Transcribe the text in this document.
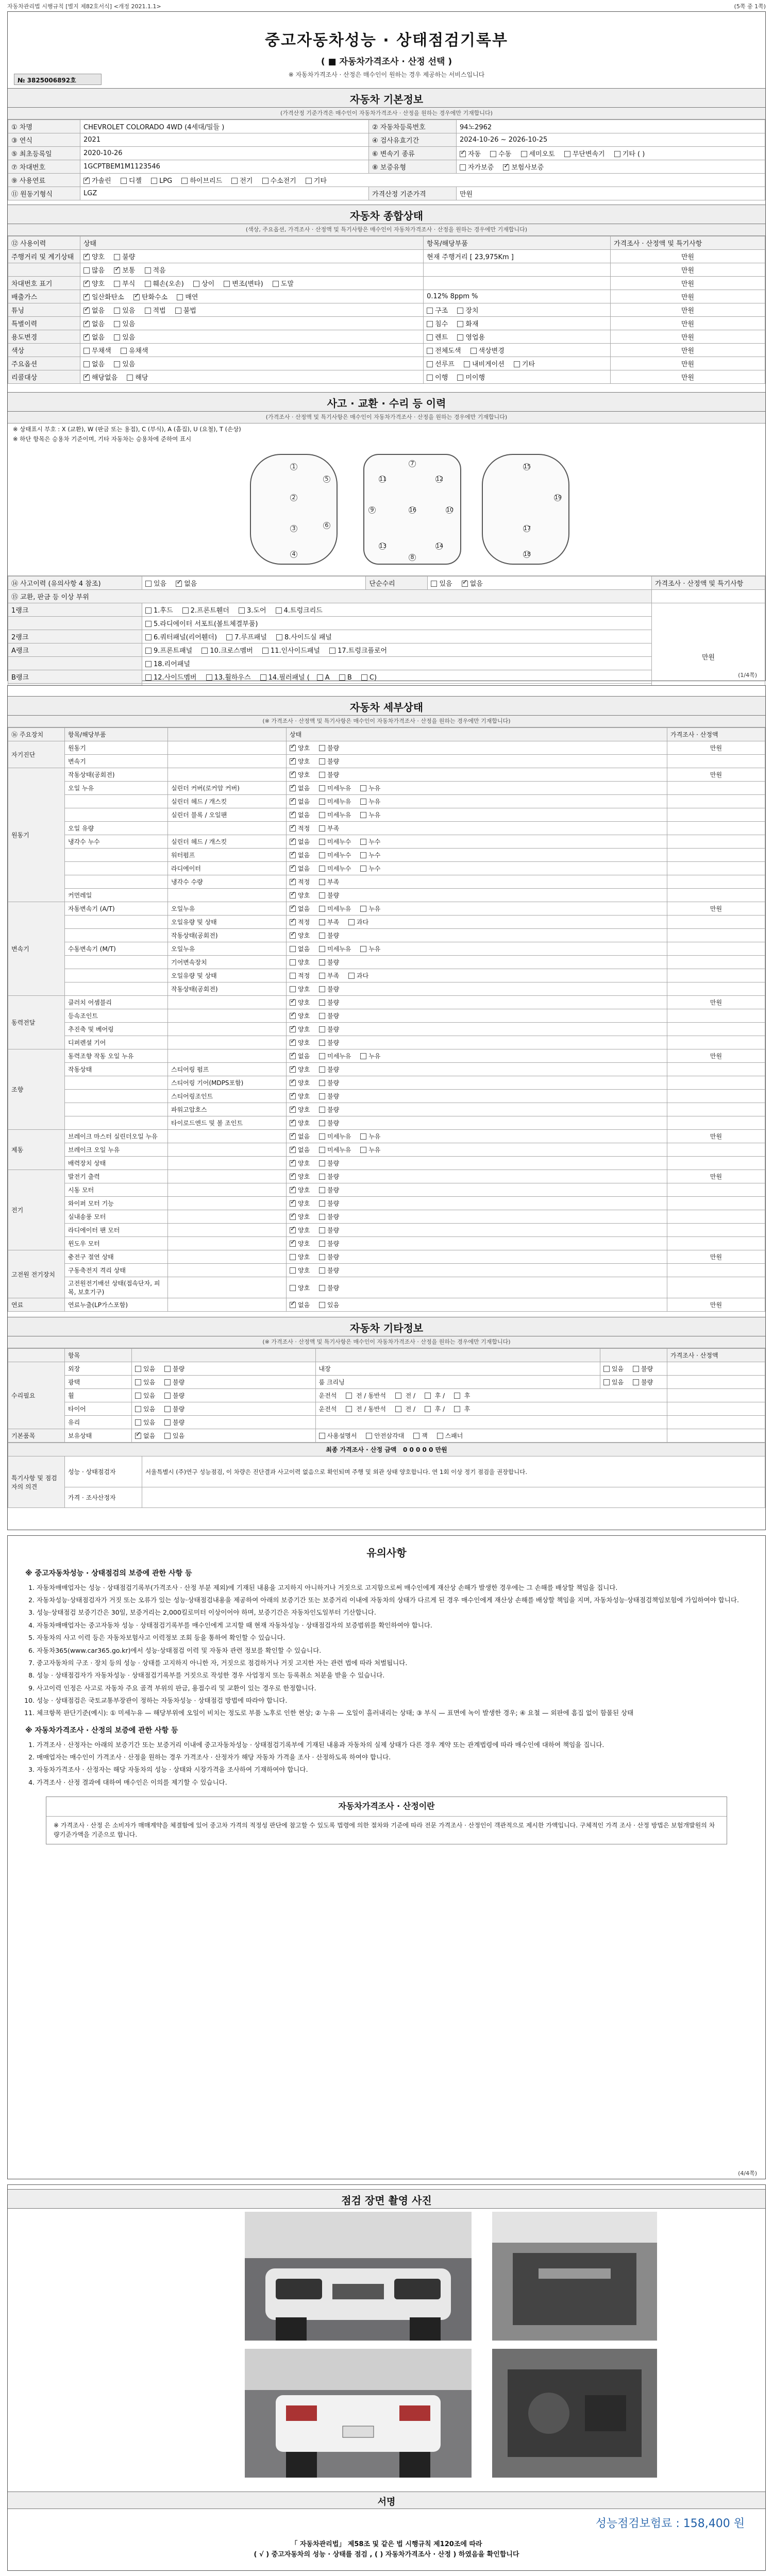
자동차관리법 시행규칙 [별지 제82호서식] <개정 2021.1.1>	(5쪽 중 1쪽)
중고자동차성능 · 상태점검기록부
( ■ 자동차가격조사 · 산정 선택 )
※ 자동차가격조사 · 산정은 매수인이 원하는 경우 제공하는 서비스입니다
№ 3825006892호
자동차 기본정보
(가격산정 기준가격은 매수인이 자동차가격조사 · 산정을 원하는 경우에만 기재합니다)
① 차명	CHEVROLET COLORADO 4WD (4세대/밀들 )	② 자동차등록번호	94노2962
③ 연식	2021	④ 검사유효기간	2024-10-26 ~ 2026-10-25
⑤ 최초등록일	2020-10-26	⑥ 변속기 종류	✓자동 수동 세미오토 무단변속기 기타 ( )
⑦ 차대번호	1GCPTBEM1M1123546	⑧ 보증유형	자가보증 ✓보험사보증
⑨ 사용연료	✓가솔린 디젤 LPG 하이브리드 전기 수소전기 기타
⑪ 원동기형식	LGZ	가격산정 기준가격	만원
자동차 종합상태
(색상, 주요옵션, 가격조사 · 산정액 및 특기사항은 매수인이 자동차가격조사 · 산정을 원하는 경우에만 기재합니다)
⑫ 사용이력	상태	항목/해당부품	가격조사 · 산정액 및 특기사항
주행거리 및 계기상태	✓양호 불량	현재 주행거리 [ 23,975Km ]	만원
	많음 ✓보통 적음		만원
차대번호 표기	✓양호 부식 훼손(오손) 상이 변조(변타) 도말		만원
배출가스	✓일산화탄소 ✓탄화수소 매연	0.12% 8ppm %	만원
튜닝	✓없음 있음 적법 불법	구조 장치	만원
특별이력	✓없음 있음	침수 화재	만원
용도변경	✓없음 있음	렌트 영업용	만원
색상	무채색 유채색	전체도색 색상변경	만원
주요옵션	없음 있음	선루프 내비게이션 기타	만원
리콜대상	✓해당없음 해당	이행 미이행	만원
사고 · 교환 · 수리 등 이력
(가격조사 · 산정액 및 특기사항은 매수인이 자동차가격조사 · 산정을 원하는 경우에만 기재합니다)
※ 상태표시 부호 : X (교환), W (판금 또는 용접), C (부식), A (흠집), U (요철), T (손상)
※ 하단 항목은 승용차 기준이며, 기타 자동차는 승용차에 준하여 표시
1
2
3
4
5
6
7
8
9	10
11	12
13	14
15
16
17
18
19
⑭ 사고이력 (유의사항 4 참조)	있음 ✓없음	단순수리	있음 ✓없음	가격조사 · 산정액 및 특기사항
⑮ 교환, 판금 등 이상 부위				
1랭크	1.후드 2.프론트휀더 3.도어 4.트렁크리드			만원
	5.라디에이터 서포트(볼트체결부품)			
2랭크	6.쿼터패널(리어휀더) 7.루프패널 8.사이드실 패널			
A랭크	9.프론트패널 10.크로스멤버 11.인사이드패널 17.트렁크플로어			
	18.리어패널			
B랭크	12.사이드멤버 13.휠하우스 14.필러패널 ( A B C)			

		(1/4쪽)
자동차 세부상태
(※ 가격조사 · 산정액 및 특기사항은 매수인이 자동차가격조사 · 산정을 원하는 경우에만 기재합니다)
⑯ 주요장치	항목/해당부품		상태	가격조사 · 산정액
자기진단	원동기		✓양호 불량	만원
	변속기		✓양호 불량	
원동기	작동상태(공회전)		✓양호 불량	만원
	오일 누유	실린더 커버(로커암 커버)	✓없음 미세누유 누유	
		실린더 헤드 / 개스킷	✓없음 미세누유 누유	
		실린더 블록 / 오일팬	✓없음 미세누유 누유	
	오일 유량		✓적정 부족	
	냉각수 누수	실린더 헤드 / 개스킷	✓없음 미세누수 누수	
		워터펌프	✓없음 미세누수 누수	
		라디에이터	✓없음 미세누수 누수	
		냉각수 수량	✓적정 부족	
	커먼레일		✓양호 불량	
변속기	자동변속기 (A/T)	오일누유	✓없음 미세누유 누유	만원
		오일유량 및 상태	✓적정 부족 과다	
		작동상태(공회전)	✓양호 불량	
	수동변속기 (M/T)	오일누유	없음 미세누유 누유	
		기어변속장치	양호 불량	
		오일유량 및 상태	적정 부족 과다	
		작동상태(공회전)	양호 불량	
동력전달	클러치 어셈블리		✓양호 불량	만원
	등속조인트		✓양호 불량	
	추진축 및 베어링		✓양호 불량	
	디퍼렌셜 기어		✓양호 불량	
조향	동력조향 작동 오일 누유		✓없음 미세누유 누유	만원
	작동상태	스티어링 펌프	✓양호 불량	
		스티어링 기어(MDPS포함)	✓양호 불량	
		스티어링조인트	✓양호 불량	
		파워고압호스	✓양호 불량	
		타이로드엔드 및 볼 조인트	✓양호 불량	
제동	브레이크 마스터 실린더오일 누유		✓없음 미세누유 누유	만원
	브레이크 오일 누유		✓없음 미세누유 누유	
	배력장치 상태		✓양호 불량	
전기	발전기 출력		✓양호 불량	만원
	시동 모터		✓양호 불량	
	와이퍼 모터 기능		✓양호 불량	
	실내송풍 모터		✓양호 불량	
	라디에이터 팬 모터		✓양호 불량	
	윈도우 모터		✓양호 불량	
고전원 전기장치	충전구 절연 상태		양호 불량	만원
	구동축전지 격리 상태		양호 불량	
	고전원전기배선 상태(접속단자, 피복, 보호기구)		양호 불량	
연료	연료누출(LP가스포함)		✓없음 있음	만원
자동차 기타정보
(※ 가격조사 · 산정액 및 특기사항은 매수인이 자동차가격조사 · 산정을 원하는 경우에만 기재합니다)
	항목				가격조사 · 산정액
수리필요	외장	있음 불량	내장	있음 불량	
	광택	있음 불량	룸 크리닝	있음 불량	
	휠	있음 불량	운전석 전 / 동반석 전 / 후 / 후		
	타이어	있음 불량	운전석 전 / 동반석 전 / 후 / 후		
	유리	있음 불량			
기본품목	보유상태	✓없음 있음	사용설명서 안전삼각대 잭 스패너		
최종 가격조사 · 산정 금액 0 0 0 0 0 만원		
특기사항 및 점검자의 의견	성능 · 상태점검자	서울특별시 (주)연구 성능점검, 이 차량은 진단결과 사고이력 없음으로 확인되며 주행 및 외관 상태 양호합니다. 연 1회 이상 정기 점검을 권장합니다.
	가격 · 조사산정자	
유의사항
※ 중고자동차성능 · 상태점검의 보증에 관한 사항 등
1. 자동차매매업자는 성능 · 상태점검기록부(가격조사 · 산정 부분 제외)에 기재된 내용을 고지하지 아니하거나 거짓으로 고지함으로써 매수인에게 재산상 손해가 발생한 경우에는 그 손해를 배상할 책임을 집니다.
2. 자동차성능·상태점검자가 거짓 또는 오류가 있는 성능·상태점검내용을 제공하여 아래의 보증기간 또는 보증거리 이내에 자동차의 상태가 다르게 된 경우 매수인에게 재산상 손해를 배상할 책임을 지며, 자동차성능·상태점검책임보험에 가입하여야 합니다.
3. 성능·상태점검 보증기간은 30일, 보증거리는 2,000킬로미터 이상이어야 하며, 보증기간은 자동차인도일부터 기산합니다.
4. 자동차매매업자는 중고자동차 성능 · 상태점검기록부를 매수인에게 고지할 때 현재 자동차성능 · 상태점검자의 보증범위를 확인하여야 합니다.
5. 자동차의 사고 이력 등은 자동차보험사고 이력정보 조회 등을 통하여 확인할 수 있습니다.
6. 자동차365(www.car365.go.kr)에서 성능·상태점검 이력 및 자동차 관련 정보를 확인할 수 있습니다.
7. 중고자동차의 구조 · 장치 등의 성능 · 상태를 고지하지 아니한 자, 거짓으로 점검하거나 거짓 고지한 자는 관련 법에 따라 처벌됩니다.
8. 성능 · 상태점검자가 자동차성능 · 상태점검기록부를 거짓으로 작성한 경우 사업정지 또는 등록취소 처분을 받을 수 있습니다.
9. 사고이력 인정은 사고로 자동차 주요 골격 부위의 판금, 용접수리 및 교환이 있는 경우로 한정합니다.
10. 성능 · 상태점검은 국토교통부장관이 정하는 자동차성능 · 상태점검 방법에 따라야 합니다.
11. 체크항목 판단기준(예시): ① 미세누유 — 해당부위에 오일이 비치는 정도로 부품 노후로 인한 현상; ② 누유 — 오일이 흘러내리는 상태; ③ 부식 — 표면에 녹이 발생한 경우; ④ 요철 — 외판에 흠집 없이 함몰된 상태
※ 자동차가격조사 · 산정의 보증에 관한 사항 등
1. 가격조사 · 산정자는 아래의 보증기간 또는 보증거리 이내에 중고자동차성능 · 상태점검기록부에 기재된 내용과 자동차의 실제 상태가 다른 경우 계약 또는 관계법령에 따라 매수인에 대하여 책임을 집니다.
2. 매매업자는 매수인이 가격조사 · 산정을 원하는 경우 가격조사 · 산정자가 해당 자동차 가격을 조사 · 산정하도록 하여야 합니다.
3. 자동차가격조사 · 산정자는 해당 자동차의 성능 · 상태와 시장가격을 조사하여 기재하여야 합니다.
4. 가격조사 · 산정 결과에 대하여 매수인은 이의를 제기할 수 있습니다.
자동차가격조사 · 산정이란
※ 가격조사 · 산정 은 소비자가 매매계약을 체결함에 있어 중고차 가격의 적정성 판단에 참고할 수 있도록 법령에 의한 절차와 기준에 따라 전문 가격조사 · 산정인이 객관적으로 제시한 가액입니다. 구체적인 가격 조사 · 산정 방법은 보험개발원의 차량기준가액을 기준으로 합니다.
(4/4쪽)
점검 장면 촬영 사진
서명
성능점검보험료 : 158,400 원
「 자동차관리법」 제58조 및 같은 법 시행규칙 제120조에 따라
( √ ) 중고자동차의 성능 · 상태를 점검 , ( ) 자동차가격조사 · 산정 ) 하였음을 확인합니다
